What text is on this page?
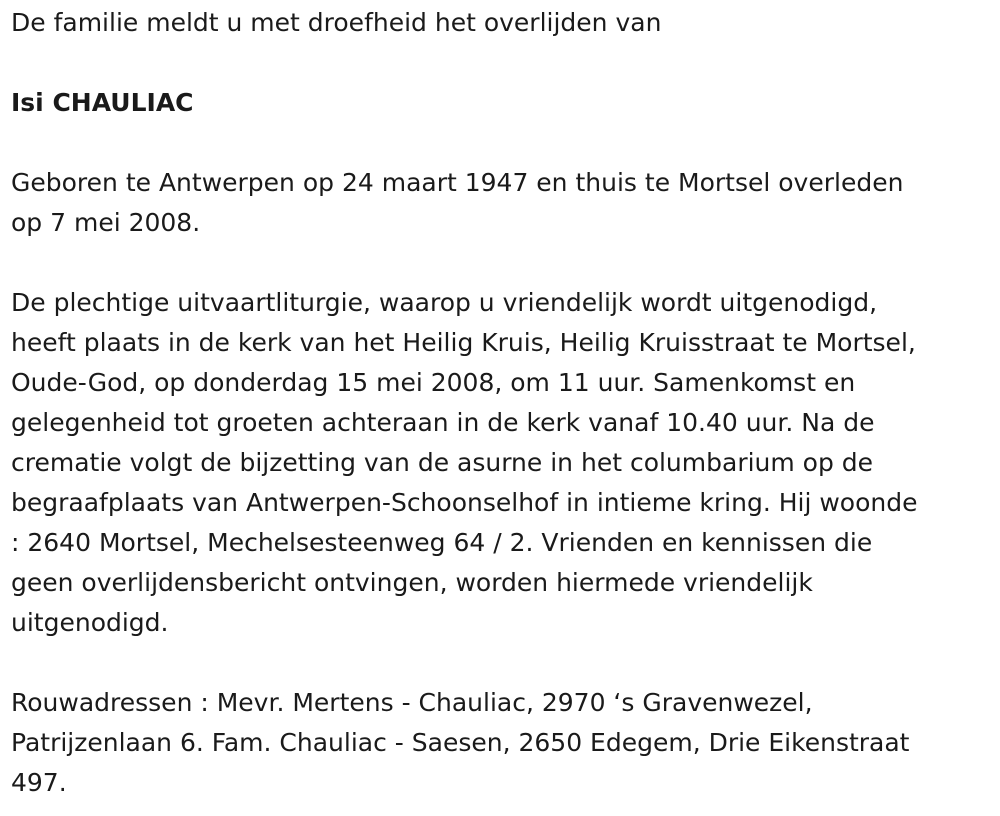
De familie meldt u met droefheid het overlijden van

Isi CHAULIAC

Geboren te Antwerpen op 24 maart 1947 en thuis te Mortsel overleden
op 7 mei 2008.

De plechtige uitvaartliturgie, waarop u vriendelijk wordt uitgenodigd,
heeft plaats in de kerk van het Heilig Kruis, Heilig Kruisstraat te Mortsel,
Oude-God, op donderdag 15 mei 2008, om 11 uur. Samenkomst en
gelegenheid tot groeten achteraan in de kerk vanaf 10.40 uur. Na de
crematie volgt de bijzetting van de asurne in het columbarium op de
begraafplaats van Antwerpen-Schoonselhof in intieme kring. Hij woonde
: 2640 Mortsel, Mechelsesteenweg 64 / 2. Vrienden en kennissen die
geen overlijdensbericht ontvingen, worden hiermede vriendelijk
uitgenodigd.

Rouwadressen : Mevr. Mertens - Chauliac, 2970 ‘s Gravenwezel,
Patrijzenlaan 6. Fam. Chauliac - Saesen, 2650 Edegem, Drie Eikenstraat
497.
